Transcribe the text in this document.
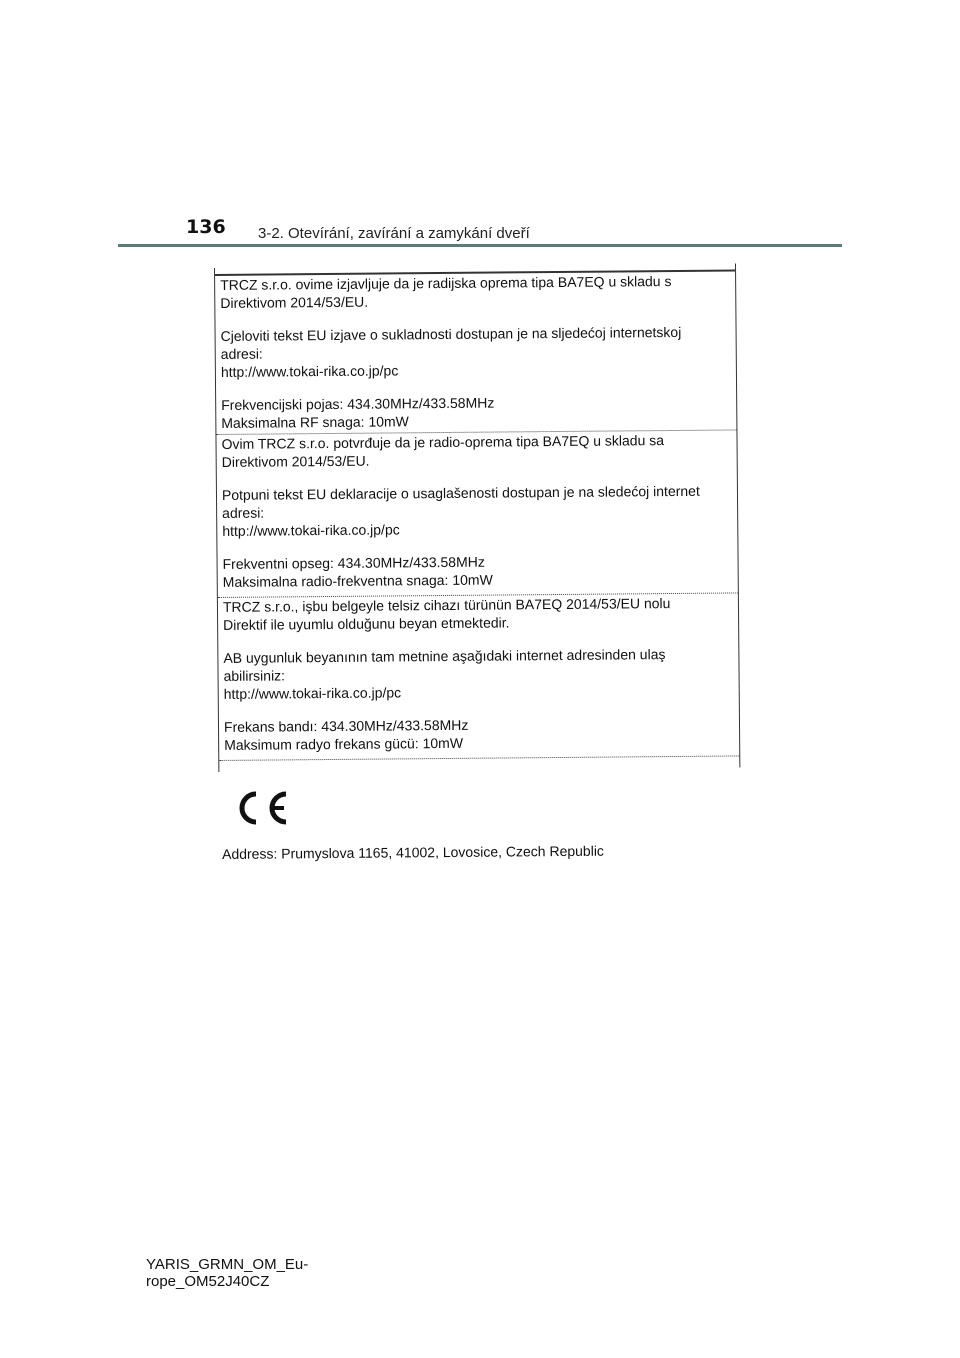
136 3-2. Otevírání, zavírání a zamykání dveří

TRCZ s.r.o. ovime izjavljuje da je radijska oprema tipa BA7EQ u skladu s
Direktivom 2014/53/EU.

Cjeloviti tekst EU izjave o sukladnosti dostupan je na sljedećoj internetskoj
adresi:
http://www.tokai-rika.co.jp/pc

Frekvencijski pojas: 434.30MHz/433.58MHz
Maksimalna RF snaga: 10mW

Ovim TRCZ s.r.o. potvrđuje da je radio-oprema tipa BA7EQ u skladu sa
Direktivom 2014/53/EU.

Potpuni tekst EU deklaracije o usaglašenosti dostupan je na sledećoj internet
adresi:
http://www.tokai-rika.co.jp/pc

Frekventni opseg: 434.30MHz/433.58MHz
Maksimalna radio-frekventna snaga: 10mW

TRCZ s.r.o., işbu belgeyle telsiz cihazı türünün BA7EQ 2014/53/EU nolu
Direktif ile uyumlu olduğunu beyan etmektedir.

AB uygunluk beyanının tam metnine aşağıdaki internet adresinden ulaş
abilirsiniz:
http://www.tokai-rika.co.jp/pc

Frekans bandı: 434.30MHz/433.58MHz
Maksimum radyo frekans gücü: 10mW

Address: Prumyslova 1165, 41002, Lovosice, Czech Republic
YARIS_GRMN_OM_Eu-
rope_OM52J40CZ
